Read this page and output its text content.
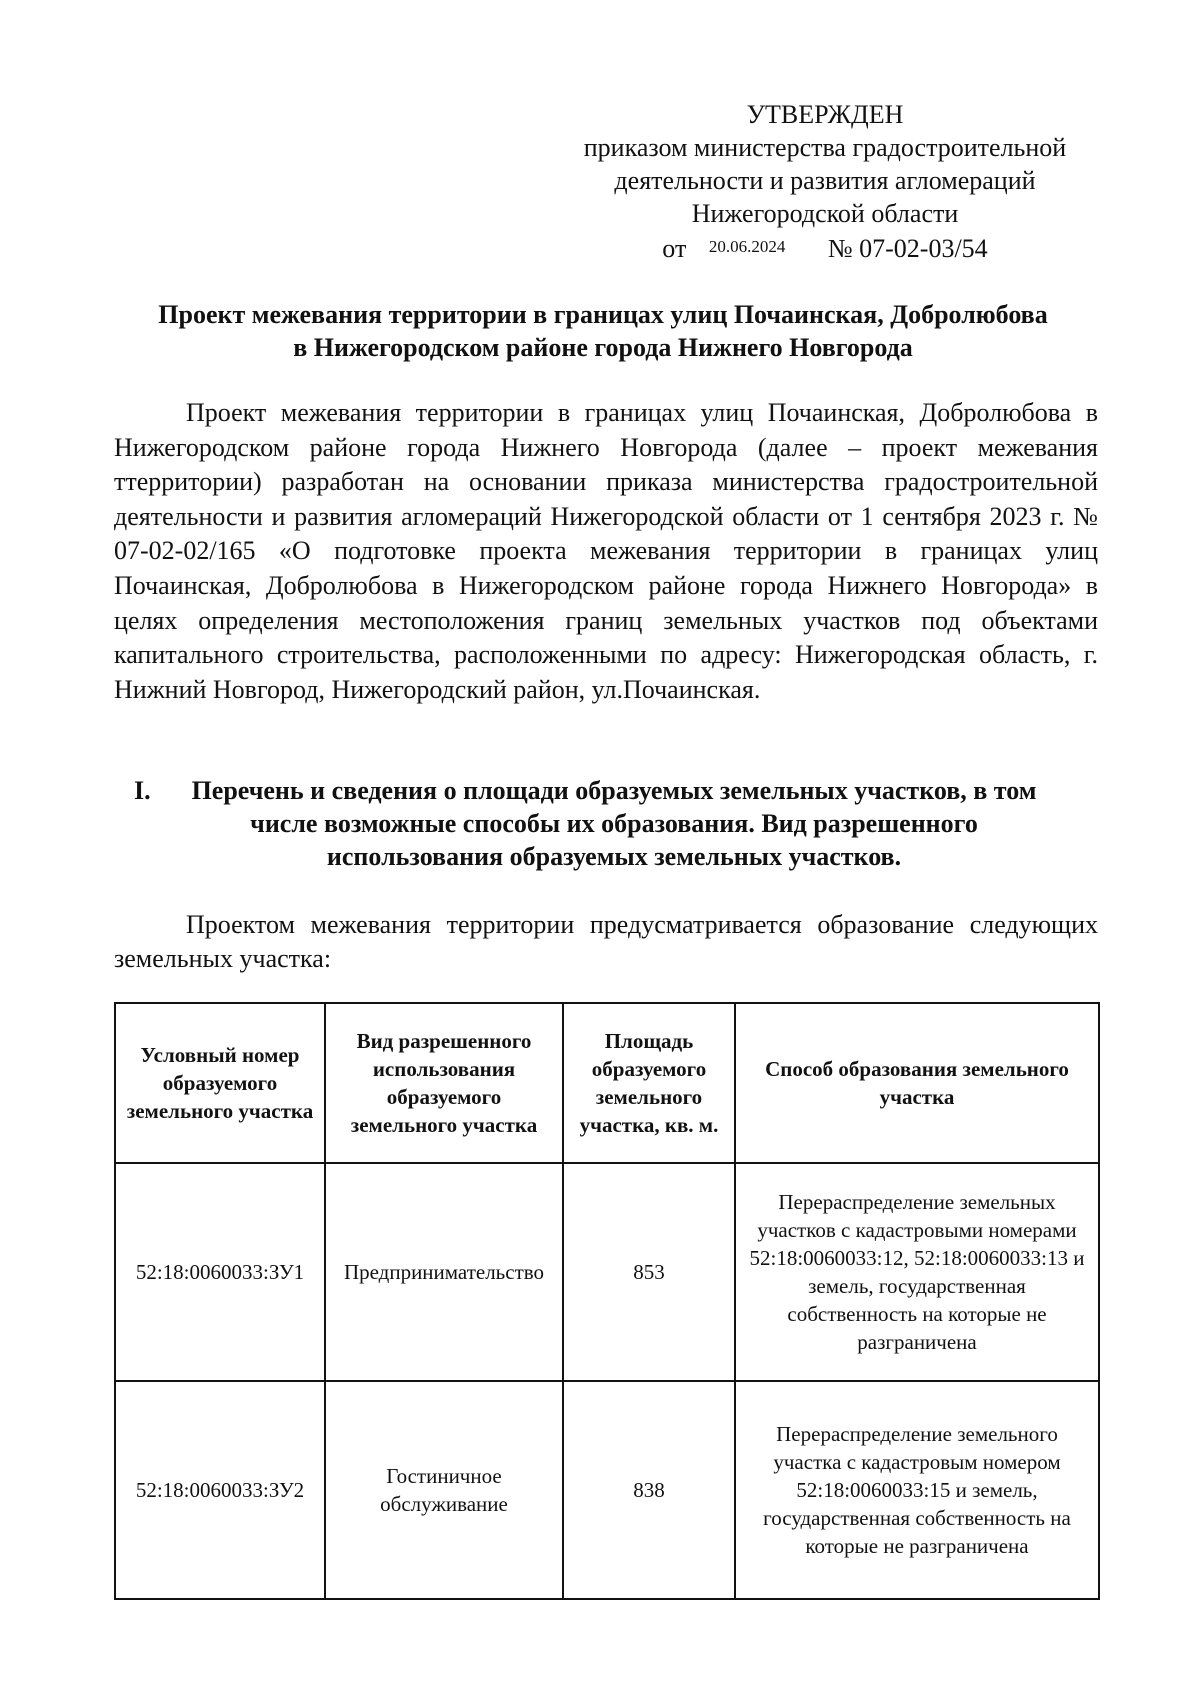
УТВЕРЖДЕН
приказом министерства градостроительной
деятельности и развития агломераций
Нижегородской области
от 20.06.2024 № 07-02-03/54
Проект межевания территории в границах улиц Почаинская, Добролюбова
в Нижегородском районе города Нижнего Новгорода

Проект межевания территории в границах улиц Почаинская, Добролюбова в Нижегородском районе города Нижнего Новгорода (далее – проект межевания ттерритории) разработан на основании приказа министерства градостроительной деятельности и развития агломераций Нижегородской области от 1 сентября 2023 г. № 07-02-02/165 «О подготовке проекта межевания территории в границах улиц Почаинская, Добролюбова в Нижегородском районе города Нижнего Новгорода» в целях определения местоположения границ земельных участков под объектами капитального строительства, расположенными по адресу: Нижегородская область, г. Нижний Новгород, Нижегородский район, ул.Почаинская.

I.	Перечень и сведения о площади образуемых земельных участков, в том
числе возможные способы их образования. Вид разрешенного
использования образуемых земельных участков.

Проектом межевания территории предусматривается образование следующих земельных участка:

Условный номер образуемого земельного участка	Вид разрешенного использования образуемого земельного участка	Площадь образуемого земельного участка, кв. м.	Способ образования земельного участка
52:18:0060033:ЗУ1	Предпринимательство	853	Перераспределение земельных участков с кадастровыми номерами 52:18:0060033:12, 52:18:0060033:13 и земель, государственная собственность на которые не разграничена
52:18:0060033:ЗУ2	Гостиничное обслуживание	838	Перераспределение земельного участка с кадастровым номером 52:18:0060033:15 и земель, государственная собственность на которые не разграничена
